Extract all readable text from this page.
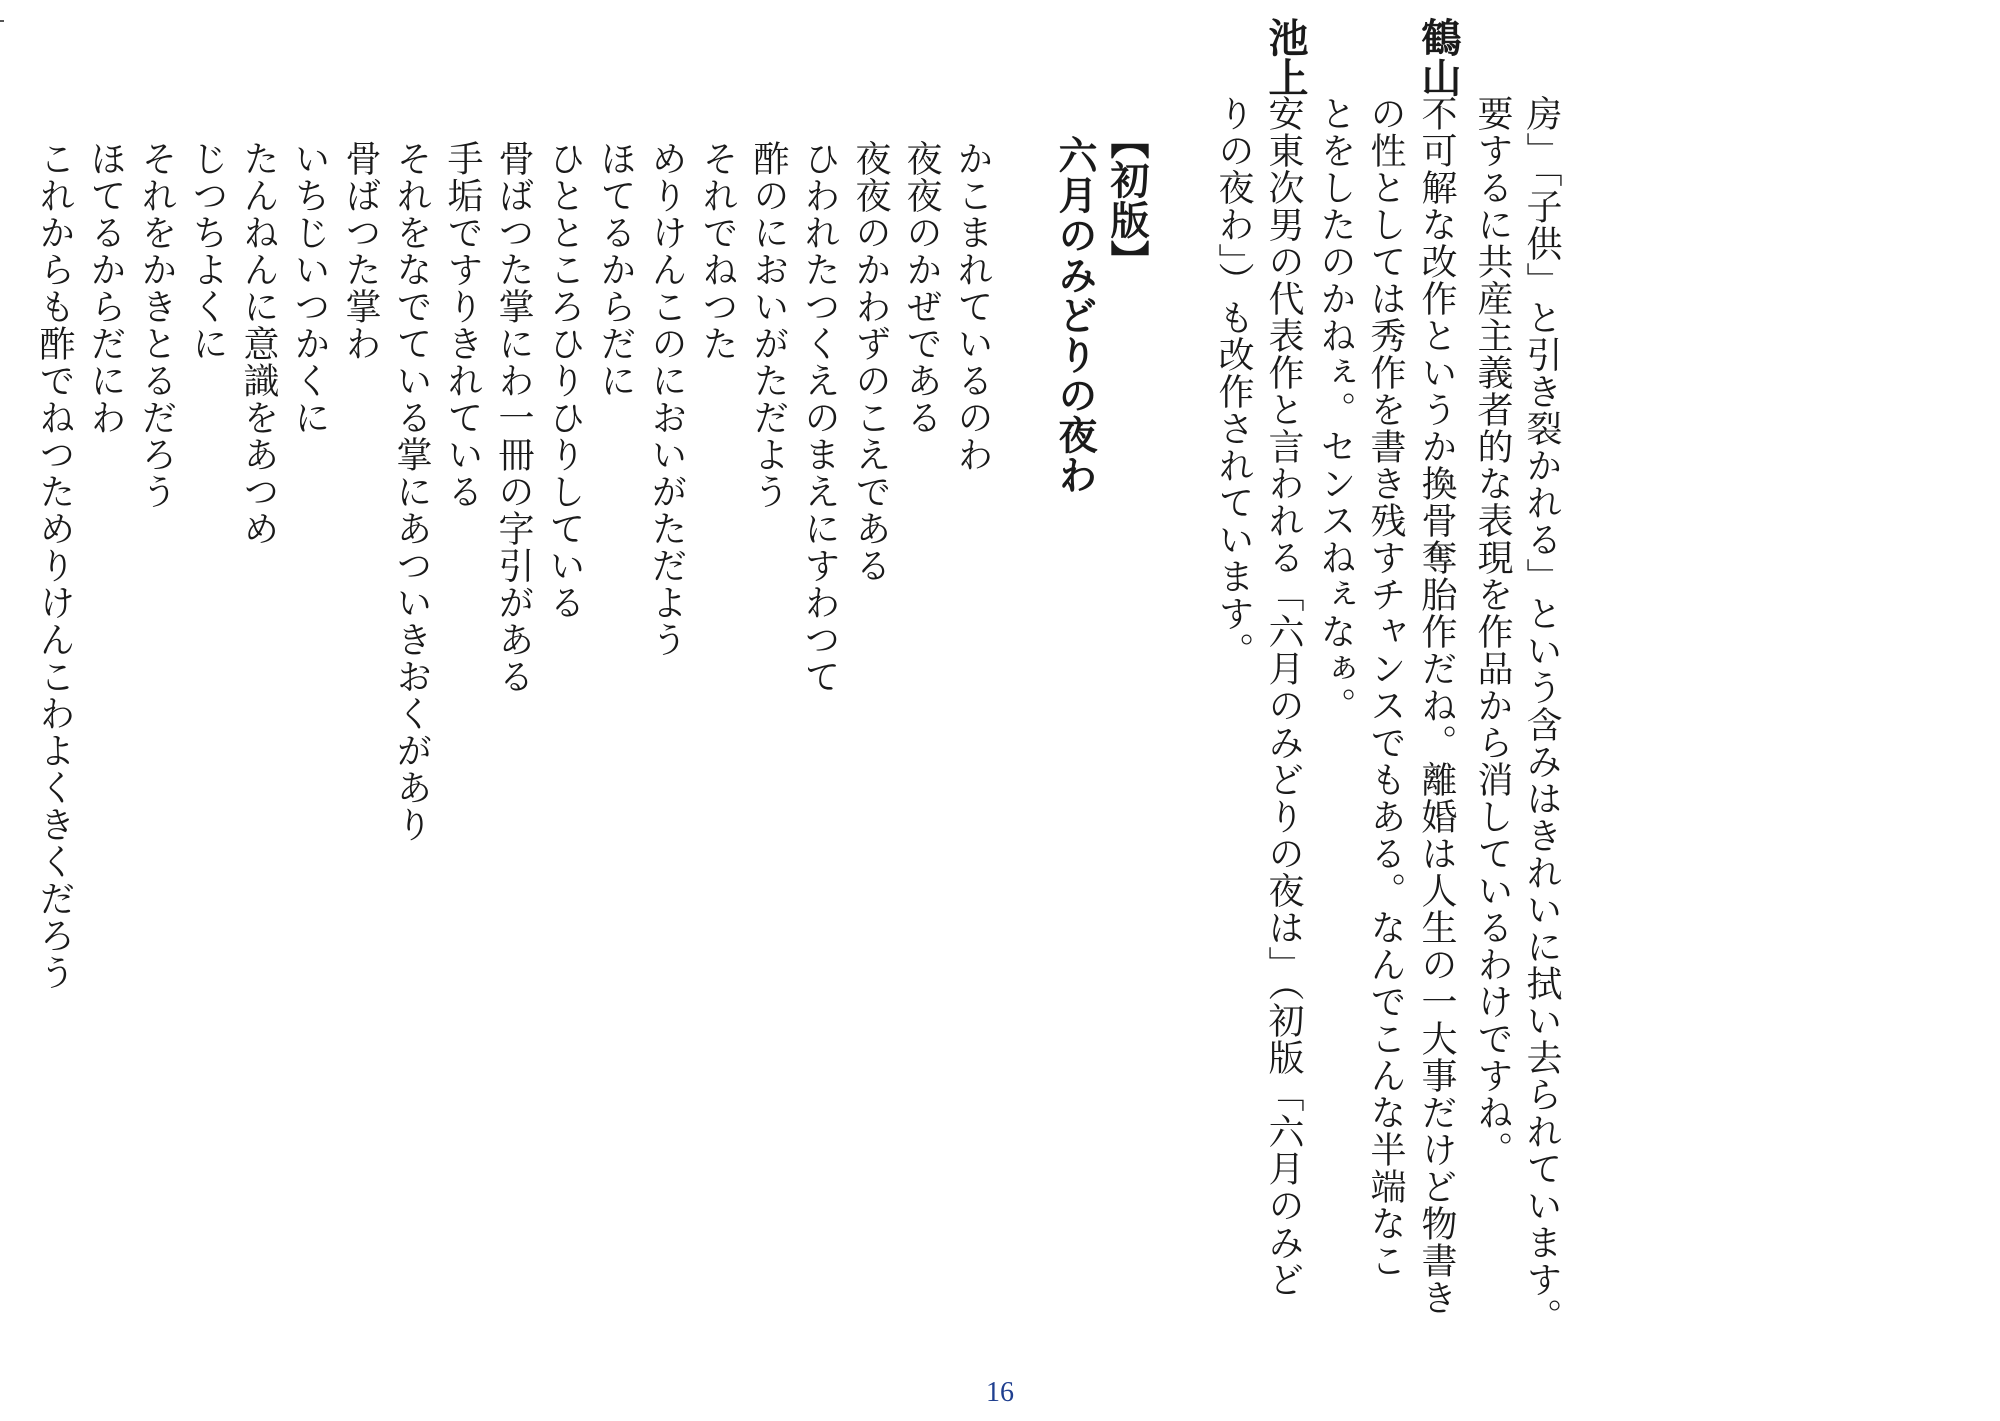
房」「子供」と引き裂かれる」という含みはきれいに拭い去られています。
要するに共産主義者的な表現を作品から消しているわけですね。
鶴山
不可解な改作というか換骨奪胎作だね。離婚は人生の一大事だけど物書き
の性としては秀作を書き残すチャンスでもある。なんでこんな半端なこ
とをしたのかねぇ。センスねぇなぁ。
池上
安東次男の代表作と言われる「六月のみどりの夜は」（初版「六月のみど
りの夜わ」）も改作されています。
【初版】
六月のみどりの夜わ
かこまれているのわ
夜夜のかぜである
夜夜のかわずのこえである
ひわれたつくえのまえにすわつて
酢のにおいがただよう
それでねつた
めりけんこのにおいがただよう
ほてるからだに
ひとところひりひりしている
骨ばつた掌にわ一冊の字引がある
手垢ですりきれている
それをなでている掌にあついきおくがあり
骨ばつた掌わ
いちじいつかくに
たんねんに意識をあつめ
じつちよくに
それをかきとるだろう
ほてるからだにわ
これからも酢でねつためりけんこわよくきくだろう
16
